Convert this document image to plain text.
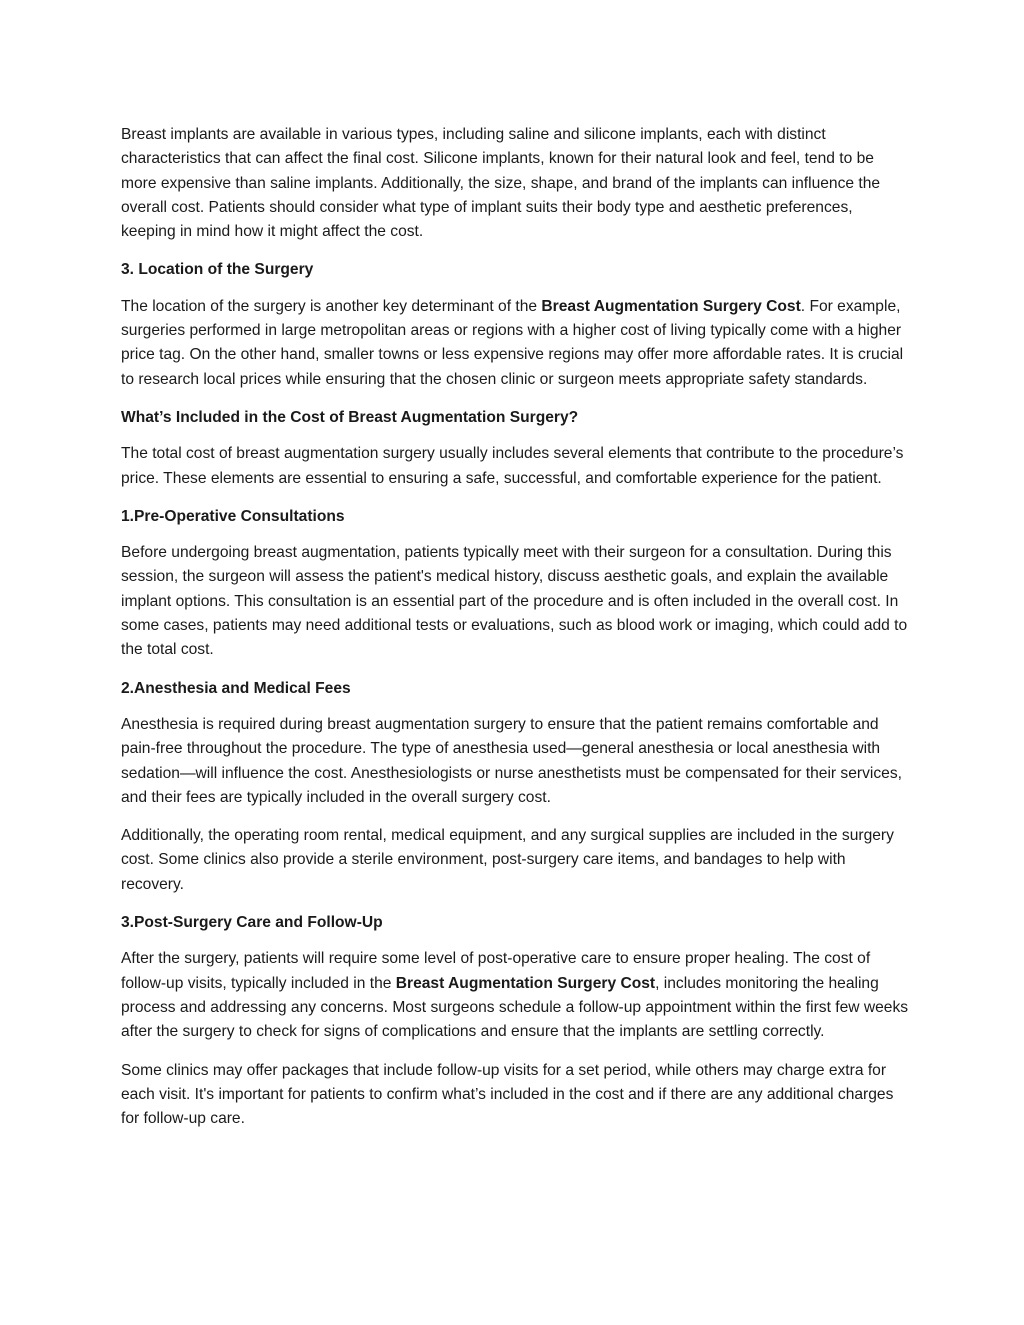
Breast implants are available in various types, including saline and silicone implants, each with distinct characteristics that can affect the final cost. Silicone implants, known for their natural look and feel, tend to be more expensive than saline implants. Additionally, the size, shape, and brand of the implants can influence the overall cost. Patients should consider what type of implant suits their body type and aesthetic preferences, keeping in mind how it might affect the cost.

3. Location of the Surgery

The location of the surgery is another key determinant of the Breast Augmentation Surgery Cost. For example, surgeries performed in large metropolitan areas or regions with a higher cost of living typically come with a higher price tag. On the other hand, smaller towns or less expensive regions may offer more affordable rates. It is crucial to research local prices while ensuring that the chosen clinic or surgeon meets appropriate safety standards.

What’s Included in the Cost of Breast Augmentation Surgery?

The total cost of breast augmentation surgery usually includes several elements that contribute to the procedure’s price. These elements are essential to ensuring a safe, successful, and comfortable experience for the patient.

1.Pre-Operative Consultations

Before undergoing breast augmentation, patients typically meet with their surgeon for a consultation. During this session, the surgeon will assess the patient's medical history, discuss aesthetic goals, and explain the available implant options. This consultation is an essential part of the procedure and is often included in the overall cost. In some cases, patients may need additional tests or evaluations, such as blood work or imaging, which could add to the total cost.

2.Anesthesia and Medical Fees

Anesthesia is required during breast augmentation surgery to ensure that the patient remains comfortable and pain-free throughout the procedure. The type of anesthesia used—general anesthesia or local anesthesia with sedation—will influence the cost. Anesthesiologists or nurse anesthetists must be compensated for their services, and their fees are typically included in the overall surgery cost.

Additionally, the operating room rental, medical equipment, and any surgical supplies are included in the surgery cost. Some clinics also provide a sterile environment, post-surgery care items, and bandages to help with recovery.

3.Post-Surgery Care and Follow-Up

After the surgery, patients will require some level of post-operative care to ensure proper healing. The cost of follow-up visits, typically included in the Breast Augmentation Surgery Cost, includes monitoring the healing process and addressing any concerns. Most surgeons schedule a follow-up appointment within the first few weeks after the surgery to check for signs of complications and ensure that the implants are settling correctly.

Some clinics may offer packages that include follow-up visits for a set period, while others may charge extra for each visit. It's important for patients to confirm what’s included in the cost and if there are any additional charges for follow-up care.
